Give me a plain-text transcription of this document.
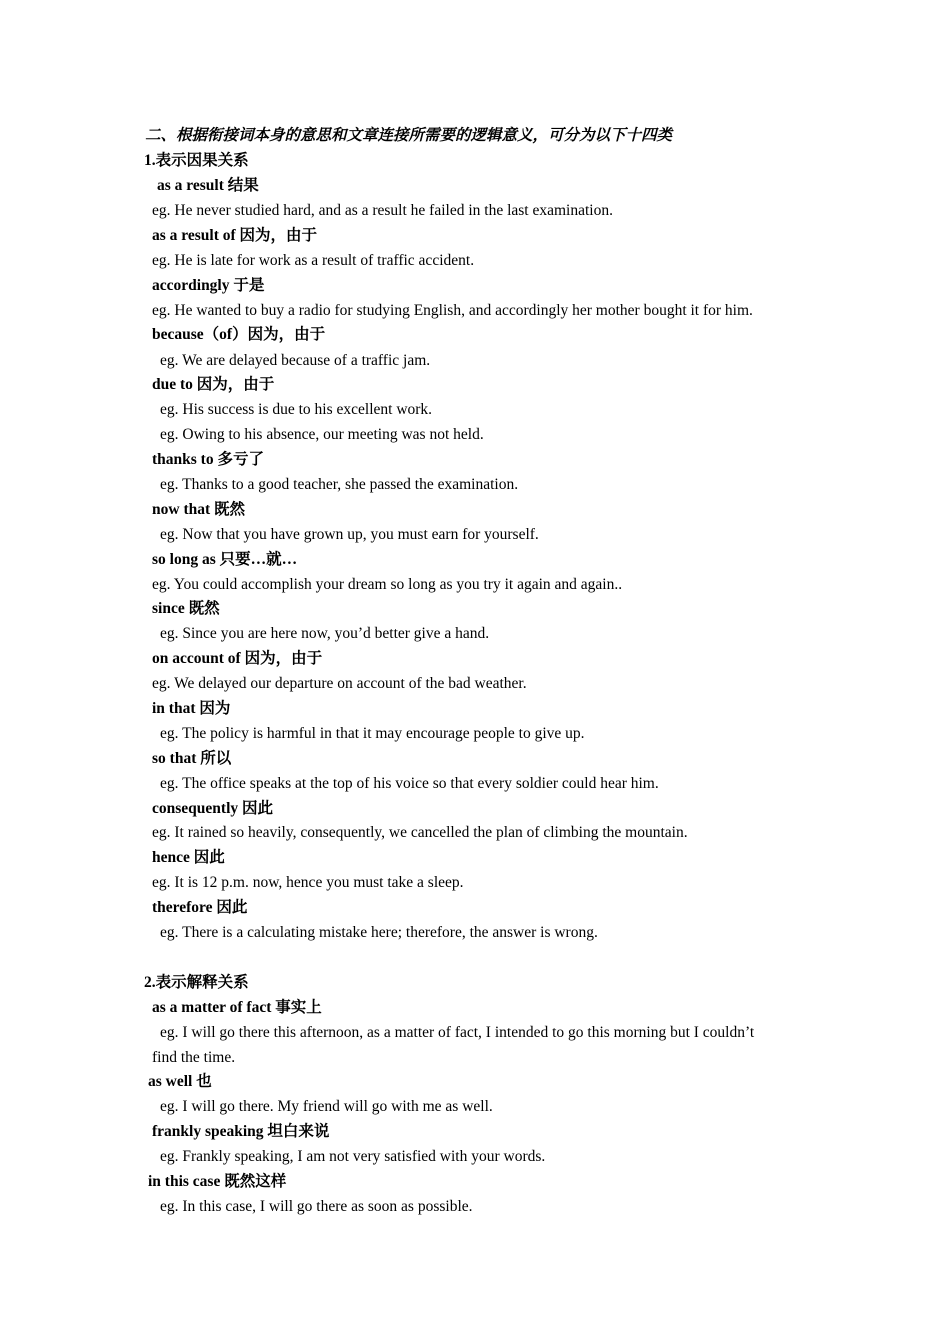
二、根据衔接词本身的意思和文章连接所需要的逻辑意义，可分为以下十四类
1.表示因果关系
as a result 结果
eg. He never studied hard, and as a result he failed in the last examination.
as a result of 因为，由于
eg. He is late for work as a result of traffic accident.
accordingly 于是
eg. He wanted to buy a radio for studying English, and accordingly her mother bought it for him.
because（of）因为，由于
eg. We are delayed because of a traffic jam.
due to 因为，由于
eg. His success is due to his excellent work.
eg. Owing to his absence, our meeting was not held.
thanks to 多亏了
eg. Thanks to a good teacher, she passed the examination.
now that 既然
eg. Now that you have grown up, you must earn for yourself.
so long as 只要…就…
eg. You could accomplish your dream so long as you try it again and again..
since 既然
eg. Since you are here now, you’d better give a hand.
on account of 因为，由于
eg. We delayed our departure on account of the bad weather.
in that 因为
eg. The policy is harmful in that it may encourage people to give up.
so that 所以
eg. The office speaks at the top of his voice so that every soldier could hear him.
consequently 因此
eg. It rained so heavily, consequently, we cancelled the plan of climbing the mountain.
hence 因此
eg. It is 12 p.m. now, hence you must take a sleep.
therefore 因此
eg. There is a calculating mistake here; therefore, the answer is wrong.
2.表示解释关系
as a matter of fact 事实上
eg. I will go there this afternoon, as a matter of fact, I intended to go this morning but I couldn’t
find the time.
as well 也
eg. I will go there. My friend will go with me as well.
frankly speaking 坦白来说
eg. Frankly speaking, I am not very satisfied with your words.
in this case 既然这样
eg. In this case, I will go there as soon as possible.
